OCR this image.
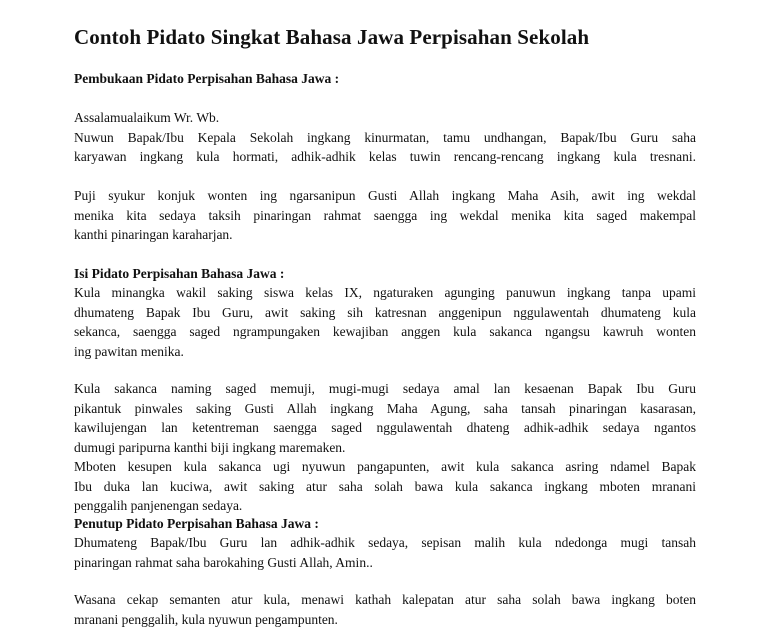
Contoh Pidato Singkat Bahasa Jawa Perpisahan Sekolah
Pembukaan Pidato Perpisahan Bahasa Jawa :

Assalamualaikum Wr. Wb.
Nuwun Bapak/Ibu Kepala Sekolah ingkang kinurmatan, tamu undhangan, Bapak/Ibu Guru saha
karyawan ingkang kula hormati, adhik-adhik kelas tuwin rencang-rencang ingkang kula tresnani.

Puji syukur konjuk wonten ing ngarsanipun Gusti Allah ingkang Maha Asih, awit ing wekdal
menika kita sedaya taksih pinaringan rahmat saengga ing wekdal menika kita saged makempal
kanthi pinaringan karaharjan.

Isi Pidato Perpisahan Bahasa Jawa :

Kula minangka wakil saking siswa kelas IX, ngaturaken agunging panuwun ingkang tanpa upami
dhumateng Bapak Ibu Guru, awit saking sih katresnan anggenipun nggulawentah dhumateng kula
sekanca, saengga saged ngrampungaken kewajiban anggen kula sakanca ngangsu kawruh wonten
ing pawitan menika.

Kula sakanca naming saged memuji, mugi-mugi sedaya amal lan kesaenan Bapak Ibu Guru
pikantuk pinwales saking Gusti Allah ingkang Maha Agung, saha tansah pinaringan kasarasan,
kawilujengan lan ketentreman saengga saged nggulawentah dhateng adhik-adhik sedaya ngantos
dumugi paripurna kanthi biji ingkang maremaken.

Mboten kesupen kula sakanca ugi nyuwun pangapunten, awit kula sakanca asring ndamel Bapak
Ibu duka lan kuciwa, awit saking atur saha solah bawa kula sakanca ingkang mboten mranani
penggalih panjenengan sedaya.

Penutup Pidato Perpisahan Bahasa Jawa :

Dhumateng Bapak/Ibu Guru lan adhik-adhik sedaya, sepisan malih kula ndedonga mugi tansah
pinaringan rahmat saha barokahing Gusti Allah, Amin..

Wasana cekap semanten atur kula, menawi kathah kalepatan atur saha solah bawa ingkang boten
mranani penggalih, kula nyuwun pengampunten.
